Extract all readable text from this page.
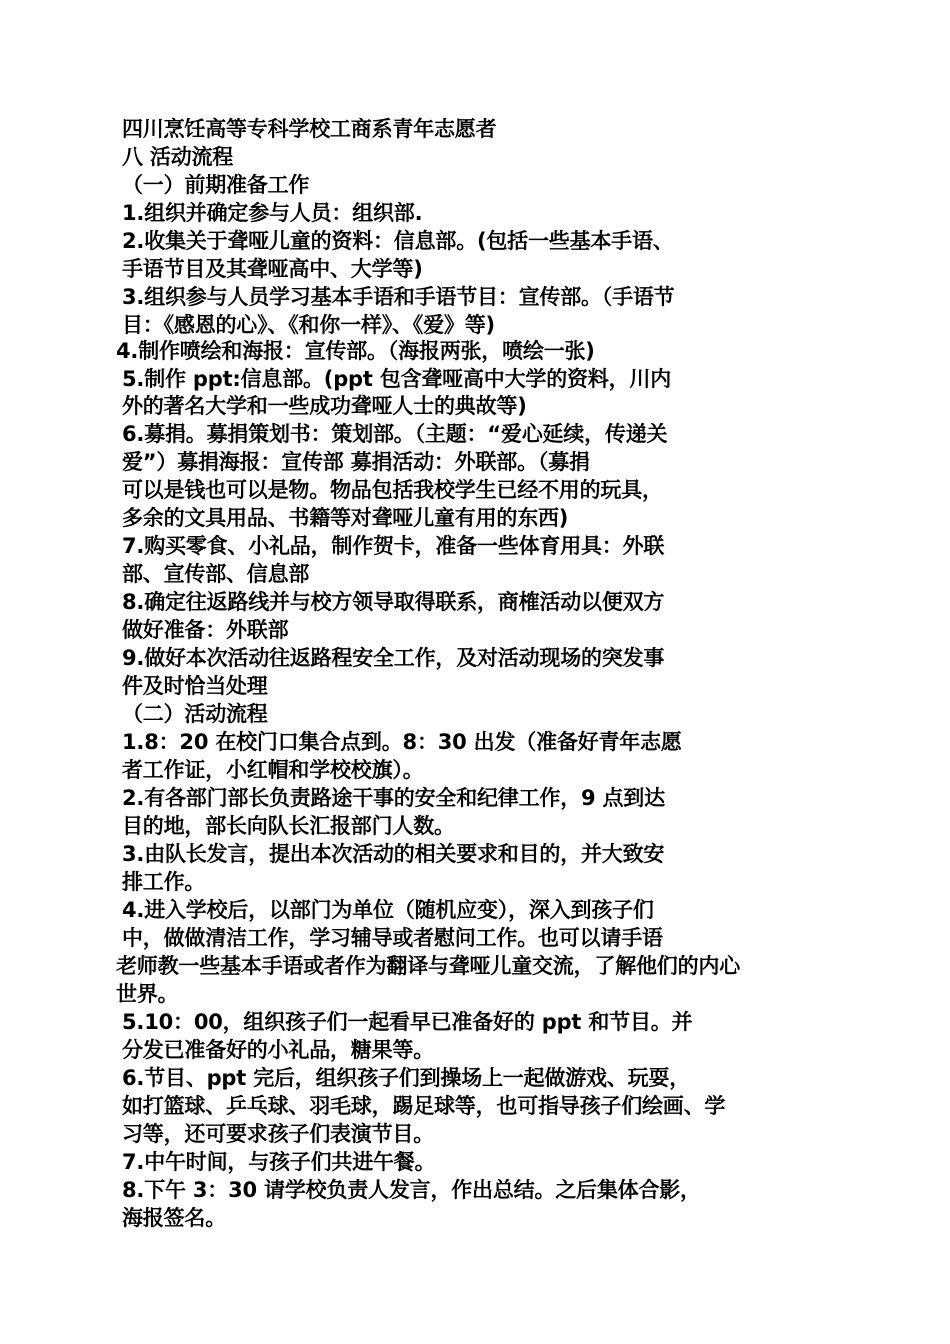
四川烹饪高等专科学校工商系青年志愿者
八 活动流程
（一）前期准备工作
1.组织并确定参与人员：组织部.
2.收集关于聋哑儿童的资料：信息部。(包括一些基本手语、
手语节目及其聋哑高中、大学等)
3.组织参与人员学习基本手语和手语节目：宣传部。（手语节
目：《感恩的心》、《和你一样》、《爱》等)
4.制作喷绘和海报：宣传部。（海报两张，喷绘一张)
5.制作 ppt:信息部。(ppt 包含聋哑高中大学的资料，川内
外的著名大学和一些成功聋哑人士的典故等)
6.募捐。募捐策划书：策划部。（主题：“爱心延续，传递关
爱”）募捐海报：宣传部 募捐活动：外联部。（募捐
可以是钱也可以是物。物品包括我校学生已经不用的玩具，
多余的文具用品、书籍等对聋哑儿童有用的东西)
7.购买零食、小礼品，制作贺卡，准备一些体育用具：外联
部、宣传部、信息部
8.确定往返路线并与校方领导取得联系，商榷活动以便双方
做好准备：外联部
9.做好本次活动往返路程安全工作，及对活动现场的突发事
件及时恰当处理
（二）活动流程
1.8：20 在校门口集合点到。8：30 出发（准备好青年志愿
者工作证，小红帽和学校校旗）。
2.有各部门部长负责路途干事的安全和纪律工作，9 点到达
目的地，部长向队长汇报部门人数。
3.由队长发言，提出本次活动的相关要求和目的，并大致安
排工作。
4.进入学校后，以部门为单位（随机应变），深入到孩子们
中，做做清洁工作，学习辅导或者慰问工作。也可以请手语
老师教一些基本手语或者作为翻译与聋哑儿童交流，了解他们的内心
世界。
5.10：00，组织孩子们一起看早已准备好的 ppt 和节目。并
分发已准备好的小礼品，糖果等。
6.节目、ppt 完后，组织孩子们到操场上一起做游戏、玩耍，
如打篮球、乒乓球、羽毛球，踢足球等，也可指导孩子们绘画、学
习等，还可要求孩子们表演节目。
7.中午时间，与孩子们共进午餐。
8.下午 3：30 请学校负责人发言，作出总结。之后集体合影，
海报签名。
